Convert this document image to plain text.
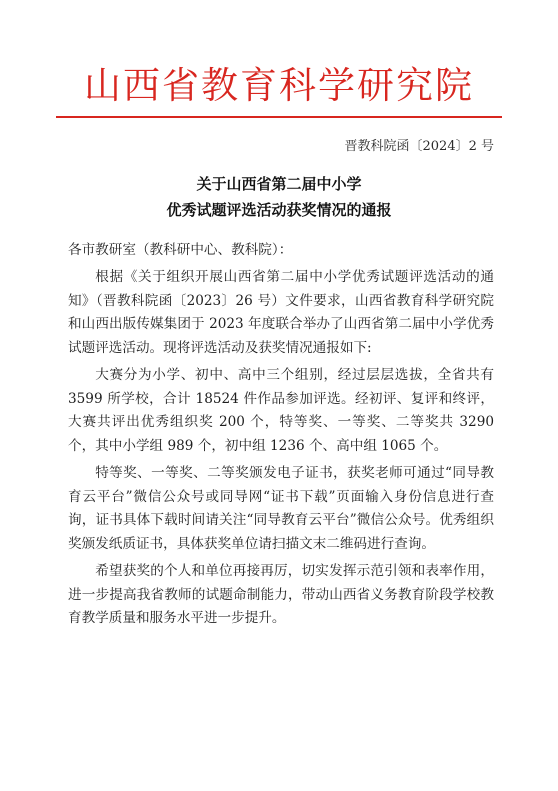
山西省教育科学研究院
晋教科院函〔2024〕2 号
关于山西省第二届中小学
优秀试题评选活动获奖情况的通报
各市教研室（教科研中心、教科院）：

根据《关于组织开展山西省第二届中小学优秀试题评选活动的通知》（晋教科院函〔2023〕26 号）文件要求，山西省教育科学研究院和山西出版传媒集团于 2023 年度联合举办了山西省第二届中小学优秀试题评选活动。现将评选活动及获奖情况通报如下:

大赛分为小学、初中、高中三个组别，经过层层选拔，全省共有 3599 所学校，合计 18524 件作品参加评选。经初评、复评和终评，大赛共评出优秀组织奖 200 个，特等奖、一等奖、二等奖共 3290 个，其中小学组 989 个，初中组 1236 个、高中组 1065 个。

特等奖、一等奖、二等奖颁发电子证书，获奖老师可通过“同导教育云平台”微信公众号或同导网“证书下载”页面输入身份信息进行查询，证书具体下载时间请关注“同导教育云平台”微信公众号。优秀组织奖颁发纸质证书，具体获奖单位请扫描文末二维码进行查询。

希望获奖的个人和单位再接再厉，切实发挥示范引领和表率作用，进一步提高我省教师的试题命制能力，带动山西省义务教育阶段学校教育教学质量和服务水平进一步提升。
